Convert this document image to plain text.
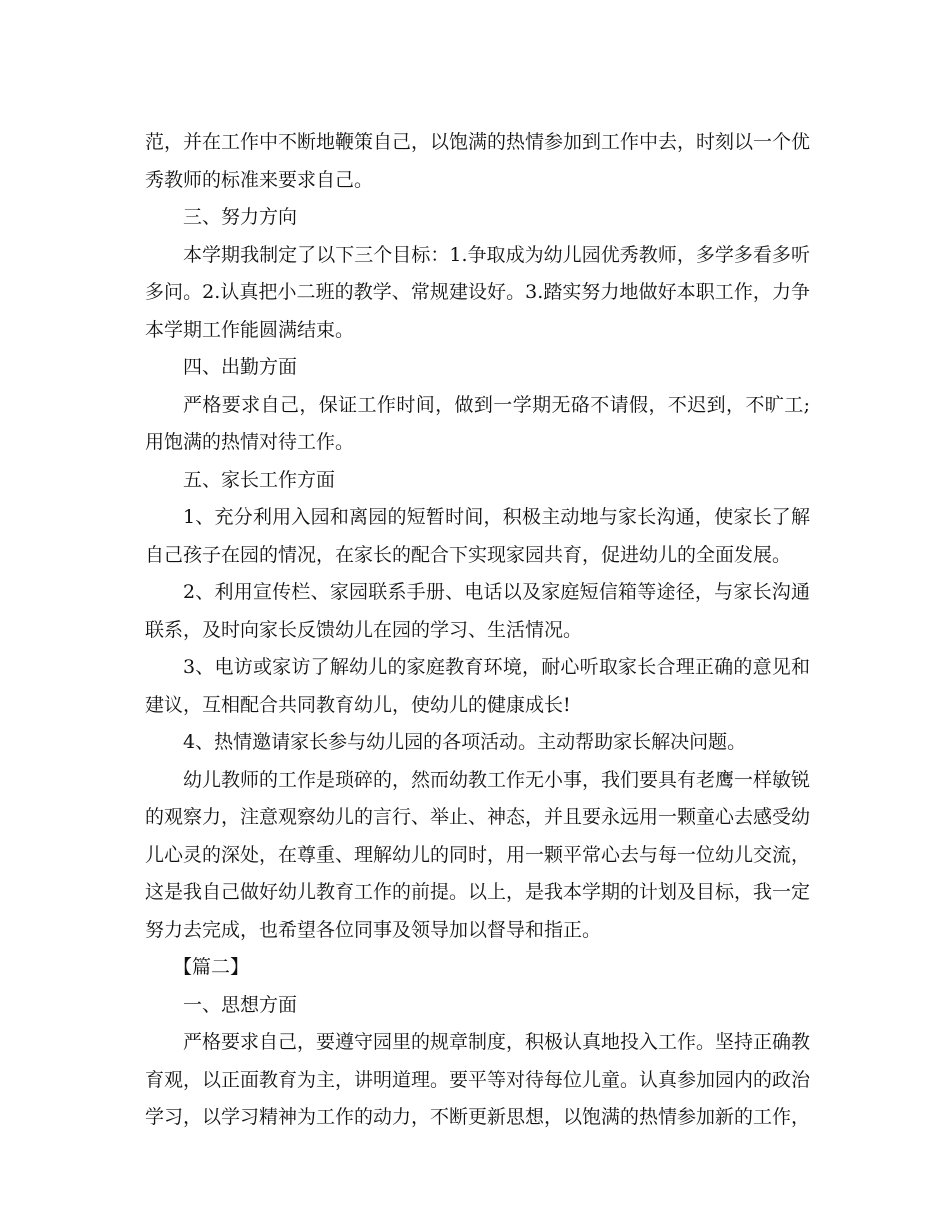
范，并在工作中不断地鞭策自己，以饱满的热情参加到工作中去，时刻以一个优秀教师的标准来要求自己。

三、努力方向

本学期我制定了以下三个目标：1.争取成为幼儿园优秀教师，多学多看多听多问。2.认真把小二班的教学、常规建设好。3.踏实努力地做好本职工作，力争本学期工作能圆满结束。

四、出勤方面

严格要求自己，保证工作时间，做到一学期无硌不请假，不迟到，不旷工;用饱满的热情对待工作。

五、家长工作方面

1、充分利用入园和离园的短暂时间，积极主动地与家长沟通，使家长了解自己孩子在园的情况，在家长的配合下实现家园共育，促进幼儿的全面发展。

2、利用宣传栏、家园联系手册、电话以及家庭短信箱等途径，与家长沟通联系，及时向家长反馈幼儿在园的学习、生活情况。

3、电访或家访了解幼儿的家庭教育环境，耐心听取家长合理正确的意见和建议，互相配合共同教育幼儿，使幼儿的健康成长!

4、热情邀请家长参与幼儿园的各项活动。主动帮助家长解决问题。

幼儿教师的工作是琐碎的，然而幼教工作无小事，我们要具有老鹰一样敏锐的观察力，注意观察幼儿的言行、举止、神态，并且要永远用一颗童心去感受幼儿心灵的深处，在尊重、理解幼儿的同时，用一颗平常心去与每一位幼儿交流，这是我自己做好幼儿教育工作的前提。以上，是我本学期的计划及目标，我一定努力去完成，也希望各位同事及领导加以督导和指正。

【篇二】

一、思想方面

严格要求自己，要遵守园里的规章制度，积极认真地投入工作。坚持正确教育观，以正面教育为主，讲明道理。要平等对待每位儿童。认真参加园内的政治学习，以学习精神为工作的动力，不断更新思想，以饱满的热情参加新的工作，
